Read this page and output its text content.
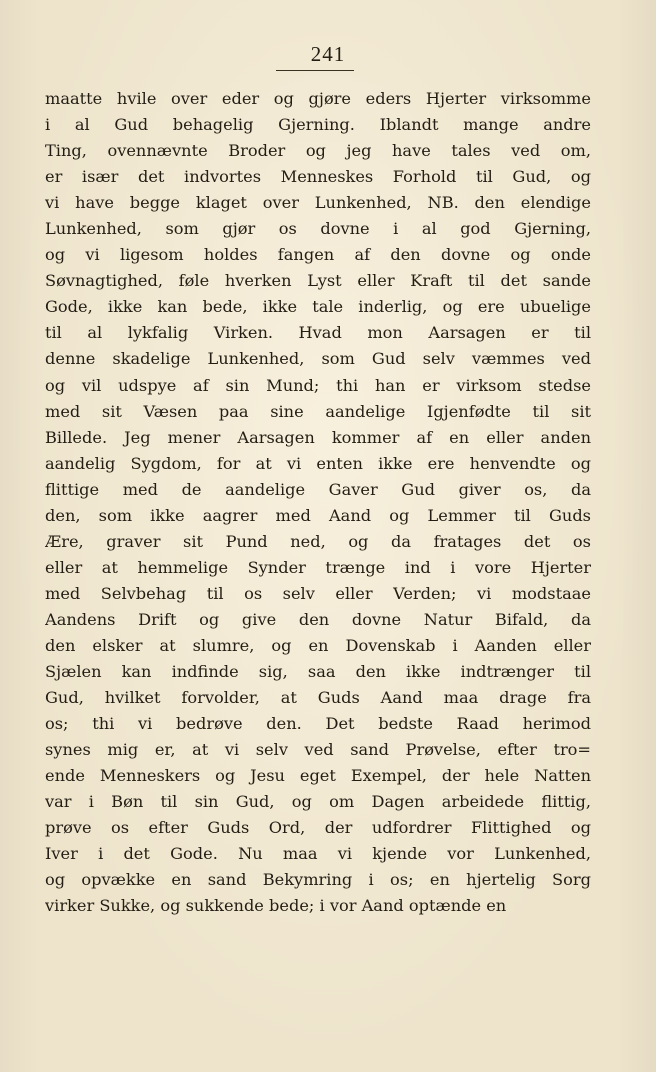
241
maatte hvile over eder og gjøre eders Hjerter virksomme
i al Gud behagelig Gjerning. Iblandt mange andre
Ting, ovennævnte Broder og jeg have tales ved om,
er især det indvortes Menneskes Forhold til Gud, og
vi have begge klaget over Lunkenhed, NB. den elendige
Lunkenhed, som gjør os dovne i al god Gjerning,
og vi ligesom holdes fangen af den dovne og onde
Søvnagtighed, føle hverken Lyst eller Kraft til det sande
Gode, ikke kan bede, ikke tale inderlig, og ere ubuelige
til al lykfalig Virken. Hvad mon Aarsagen er til
denne skadelige Lunkenhed, som Gud selv væmmes ved
og vil udspye af sin Mund; thi han er virksom stedse
med sit Væsen paa sine aandelige Igjenfødte til sit
Billede. Jeg mener Aarsagen kommer af en eller anden
aandelig Sygdom, for at vi enten ikke ere henvendte og
flittige med de aandelige Gaver Gud giver os, da
den, som ikke aagrer med Aand og Lemmer til Guds
Ære, graver sit Pund ned, og da fratages det os
eller at hemmelige Synder trænge ind i vore Hjerter
med Selvbehag til os selv eller Verden; vi modstaae
Aandens Drift og give den dovne Natur Bifald, da
den elsker at slumre, og en Dovenskab i Aanden eller
Sjælen kan indfinde sig, saa den ikke indtrænger til
Gud, hvilket forvolder, at Guds Aand maa drage fra
os; thi vi bedrøve den. Det bedste Raad herimod
synes mig er, at vi selv ved sand Prøvelse, efter tro=
ende Menneskers og Jesu eget Exempel, der hele Natten
var i Bøn til sin Gud, og om Dagen arbeidede flittig,
prøve os efter Guds Ord, der udfordrer Flittighed og
Iver i det Gode. Nu maa vi kjende vor Lunkenhed,
og opvække en sand Bekymring i os; en hjertelig Sorg
virker Sukke, og sukkende bede; i vor Aand optænde en
